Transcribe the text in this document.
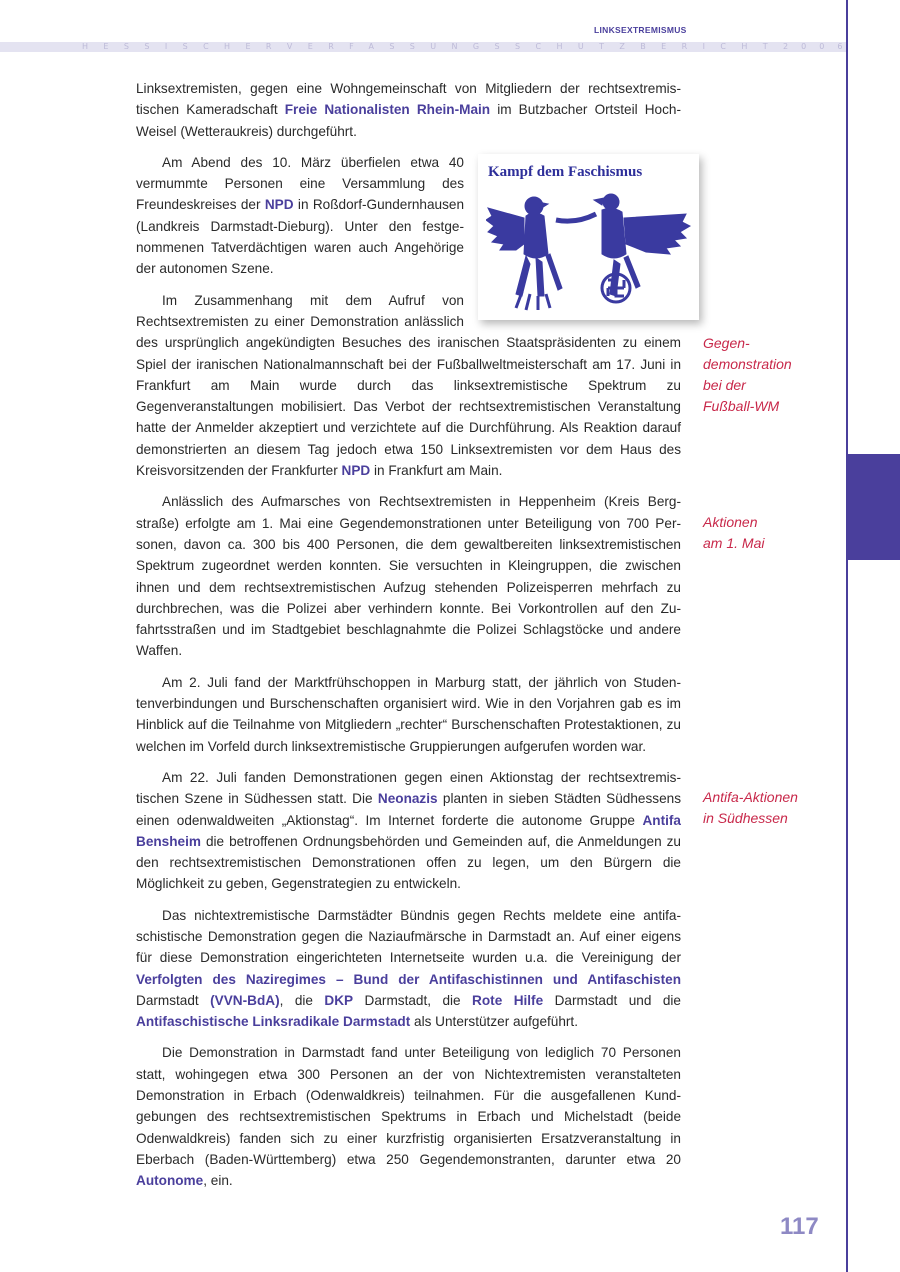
LINKSEXTREMISMUS
HESSISCHER VERFASSUNGSSCHUTZBERICHT 2006

Linksextremisten, gegen eine Wohngemeinschaft von Mitgliedern der rechtsextremistischen Kameradschaft Freie Nationalisten Rhein-Main im Butzbacher Ortsteil Hoch-Weisel (Wetteraukreis) durchgeführt.

Kampf dem Faschismus

Am Abend des 10. März überfielen etwa 40 vermummte Personen eine Versammlung des Freundeskreises der NPD in Roßdorf-Gundernhausen (Landkreis Darmstadt-Dieburg). Unter den festgenommenen Tatverdächtigen waren auch Angehörige der autonomen Szene.

Im Zusammenhang mit dem Aufruf von Rechtsextremisten zu einer Demonstration anlässlich des ursprünglich angekündigten Besuches des iranischen Staatspräsidenten zu einem Spiel der iranischen Nationalmannschaft bei der Fußballweltmeisterschaft am 17. Juni in Frankfurt am Main wurde durch das linksextremistische Spektrum zu Gegenveranstaltungen mobilisiert. Das Verbot der rechtsextremistischen Veranstaltung hatte der Anmelder akzeptiert und verzichtete auf die Durchführung. Als Reaktion darauf demonstrierten an diesem Tag jedoch etwa 150 Linksextremisten vor dem Haus des Kreisvorsitzenden der Frankfurter NPD in Frankfurt am Main.

Anlässlich des Aufmarsches von Rechtsextremisten in Heppenheim (Kreis Bergstraße) erfolgte am 1. Mai eine Gegendemonstrationen unter Beteiligung von 700 Personen, davon ca. 300 bis 400 Personen, die dem gewaltbereiten linksextremistischen Spektrum zugeordnet werden konnten. Sie versuchten in Kleingruppen, die zwischen ihnen und dem rechtsextremistischen Aufzug stehenden Polizeisperren mehrfach zu durchbrechen, was die Polizei aber verhindern konnte. Bei Vorkontrollen auf den Zufahrtsstraßen und im Stadtgebiet beschlagnahmte die Polizei Schlagstöcke und andere Waffen.

Am 2. Juli fand der Marktfrühschoppen in Marburg statt, der jährlich von Studentenverbindungen und Burschenschaften organisiert wird. Wie in den Vorjahren gab es im Hinblick auf die Teilnahme von Mitgliedern „rechter“ Burschenschaften Protestaktionen, zu welchen im Vorfeld durch linksextremistische Gruppierungen aufgerufen worden war.

Am 22. Juli fanden Demonstrationen gegen einen Aktionstag der rechtsextremistischen Szene in Südhessen statt. Die Neonazis planten in sieben Städten Südhessens einen odenwaldweiten „Aktionstag“. Im Internet forderte die autonome Gruppe Antifa Bensheim die betroffenen Ordnungsbehörden und Gemeinden auf, die Anmeldungen zu den rechtsextremistischen Demonstrationen offen zu legen, um den Bürgern die Möglichkeit zu geben, Gegenstrategien zu entwickeln.

Das nichtextremistische Darmstädter Bündnis gegen Rechts meldete eine antifaschistische Demonstration gegen die Naziaufmärsche in Darmstadt an. Auf einer eigens für diese Demonstration eingerichteten Internetseite wurden u.a. die Vereinigung der Verfolgten des Naziregimes – Bund der Antifaschistinnen und Antifaschisten Darmstadt (VVN-BdA), die DKP Darmstadt, die Rote Hilfe Darmstadt und die Antifaschistische Linksradikale Darmstadt als Unterstützer aufgeführt.

Die Demonstration in Darmstadt fand unter Beteiligung von lediglich 70 Personen statt, wohingegen etwa 300 Personen an der von Nichtextremisten veranstalteten Demonstration in Erbach (Odenwaldkreis) teilnahmen. Für die ausgefallenen Kundgebungen des rechtsextremistischen Spektrums in Erbach und Michelstadt (beide Odenwaldkreis) fanden sich zu einer kurzfristig organisierten Ersatzveranstaltung in Eberbach (Baden-Württemberg) etwa 250 Gegendemonstranten, darunter etwa 20 Autonome, ein.

Gegen-
demonstration
bei der
Fußball-WM
Aktionen
am 1. Mai
Antifa-Aktionen
in Südhessen
117
